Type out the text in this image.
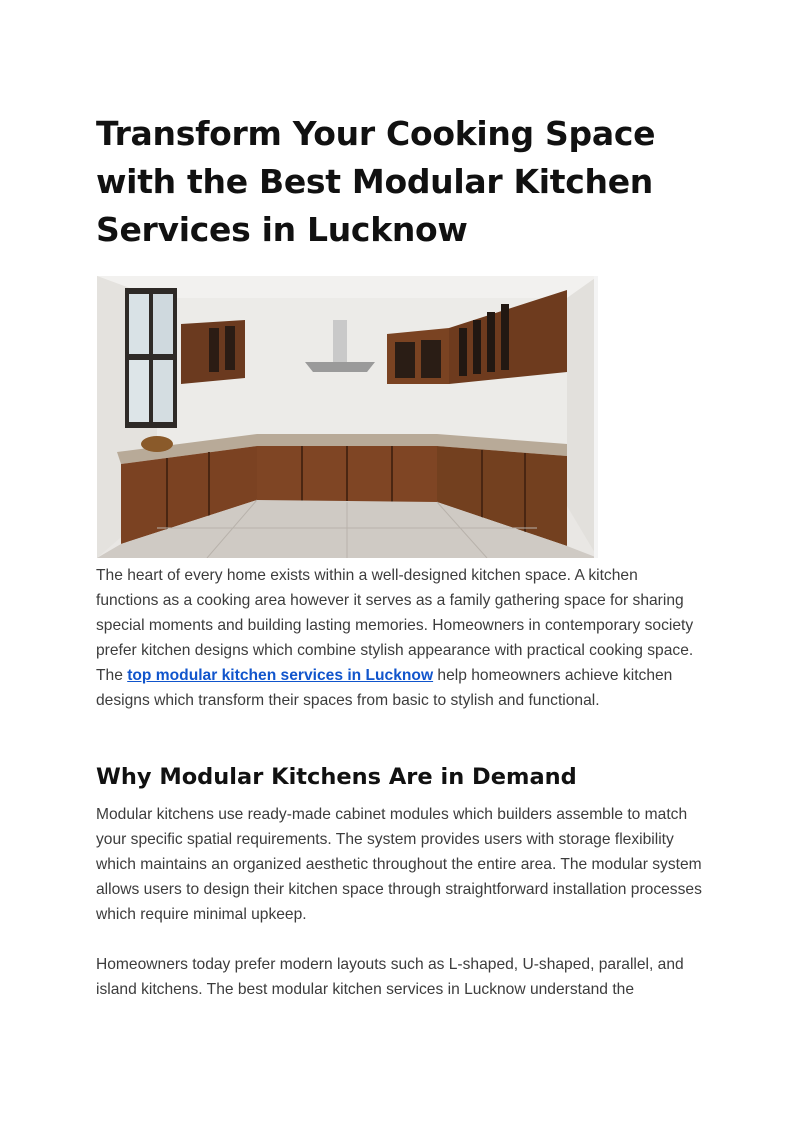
Transform Your Cooking Space with the Best Modular Kitchen Services in Lucknow

The heart of every home exists within a well-designed kitchen space. A kitchen functions as a cooking area however it serves as a family gathering space for sharing special moments and building lasting memories. Homeowners in contemporary society prefer kitchen designs which combine stylish appearance with practical cooking space. The top modular kitchen services in Lucknow help homeowners achieve kitchen designs which transform their spaces from basic to stylish and functional.

Why Modular Kitchens Are in Demand

Modular kitchens use ready-made cabinet modules which builders assemble to match your specific spatial requirements. The system provides users with storage flexibility which maintains an organized aesthetic throughout the entire area. The modular system allows users to design their kitchen space through straightforward installation processes which require minimal upkeep.

Homeowners today prefer modern layouts such as L-shaped, U-shaped, parallel, and island kitchens. The best modular kitchen services in Lucknow understand the
